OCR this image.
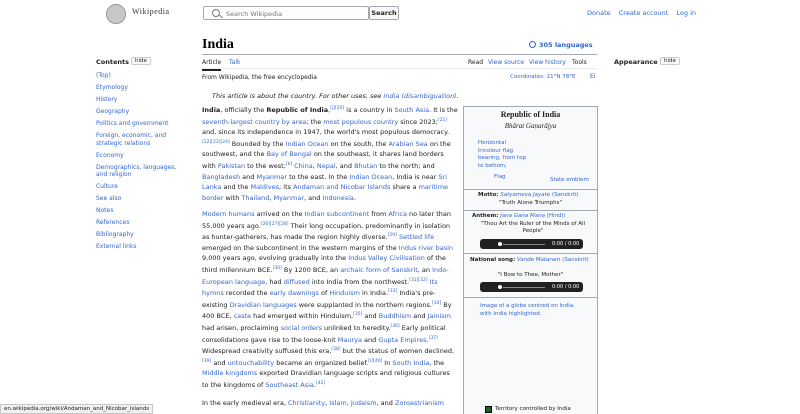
Wikipedia	Search Wikipedia	Search	Donate Create account Log in
Contents	hide
(Top)
Etymology
History
Geography
Politics and government
Foreign, economic, and strategic relations
Economy
Demographics, languages, and religion
Culture
See also
Notes
References
Bibliography
External links
India	305 languages
Article Talk	Read View source View history Tools	Appearance	hide
From Wikipedia, the free encyclopedia	Coordinates: 21°N 78°E Ei
This article is about the country. For other uses, see India (disambiguation).

India, officially the Republic of India,[j][20] is a country in South Asia. It is the seventh-largest country by area; the most populous country since 2023;[21] and, since its independence in 1947, the world's most populous democracy.[22][23][24] Bounded by the Indian Ocean on the south, the Arabian Sea on the southwest, and the Bay of Bengal on the southeast, it shares land borders with Pakistan to the west;[k] China, Nepal, and Bhutan to the north; and Bangladesh and Myanmar to the east. In the Indian Ocean, India is near Sri Lanka and the Maldives; its Andaman and Nicobar Islands share a maritime border with Thailand, Myanmar, and Indonesia.

Modern humans arrived on the Indian subcontinent from Africa no later than 55,000 years ago.[26][27][28] Their long occupation, predominantly in isolation as hunter-gatherers, has made the region highly diverse.[29] Settled life emerged on the subcontinent in the western margins of the Indus river basin 9,000 years ago, evolving gradually into the Indus Valley Civilisation of the third millennium BCE.[30] By 1200 BCE, an archaic form of Sanskrit, an Indo-European language, had diffused into India from the northwest.[31][32] Its hymns recorded the early dawnings of Hinduism in India.[33] India's pre-existing Dravidian languages were supplanted in the northern regions.[34] By 400 BCE, caste had emerged within Hinduism,[35] and Buddhism and Jainism had arisen, proclaiming social orders unlinked to heredity.[36] Early political consolidations gave rise to the loose-knit Maurya and Gupta Empires.[37] Widespread creativity suffused this era,[38] but the status of women declined,[39] and untouchability became an organized belief.[l][40] In South India, the Middle kingdoms exported Dravidian language scripts and religious cultures to the kingdoms of Southeast Asia.[41]

In the early medieval era, Christianity, Islam, Judaism, and Zoroastrianism

Republic of India
Bhārat Gaṇarājya
Horizontal tricolour flag bearing, from top to bottom,
Flag	State emblem
Motto: Satyameva Jayate (Sanskrit)
"Truth Alone Triumphs"
Anthem: Jana Gana Mana (Hindi)
"Thou Art the Ruler of the Minds of All People"
0:00 / 0:00
National song: Vande Mataram (Sanskrit)
"I Bow to Thee, Mother"
0:00 / 0:00
Image of a globe centred on India, with India highlighted.
Territory controlled by India
en.wikipedia.org/wiki/Andaman_and_Nicobar_Islands
